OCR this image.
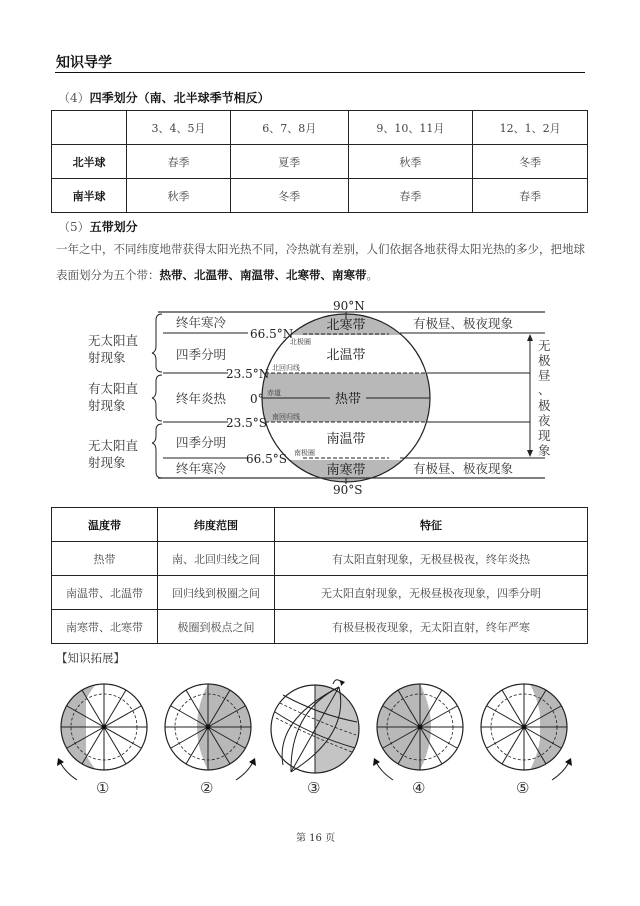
知识导学
（4）四季划分（南、北半球季节相反）
	3、4、5月	6、7、8月	9、10、11月	12、1、2月
北半球	春季	夏季	秋季	冬季
南半球	秋季	冬季	春季	春季
（5）五带划分
一年之中，不同纬度地带获得太阳光热不同，冷热就有差别，人们依据各地获得太阳光热的多少，把地球
表面划分为五个带：热带、北温带、南温带、北寒带、南寒带。
无太阳直
射现象
有太阳直
射现象
无太阳直
射现象
终年寒冷
四季分明
终年炎热
四季分明
终年寒冷
90°N
66.5°N
23.5°N
0°
23.5°S
66.5°S
90°S
北极圈
北回归线
赤道
南回归线
南极圈
北寒带
北温带
热带
南温带
南寒带
有极昼、极夜现象
有极昼、极夜现象
无
极
昼
、
极
夜
现
象
温度带	纬度范围	特征
热带	南、北回归线之间	有太阳直射现象，无极昼极夜，终年炎热
南温带、北温带	回归线到极圈之间	无太阳直射现象，无极昼极夜现象，四季分明
南寒带、北寒带	极圈到极点之间	有极昼极夜现象，无太阳直射，终年严寒
【知识拓展】
①	②	③	④	⑤
第 16 页
